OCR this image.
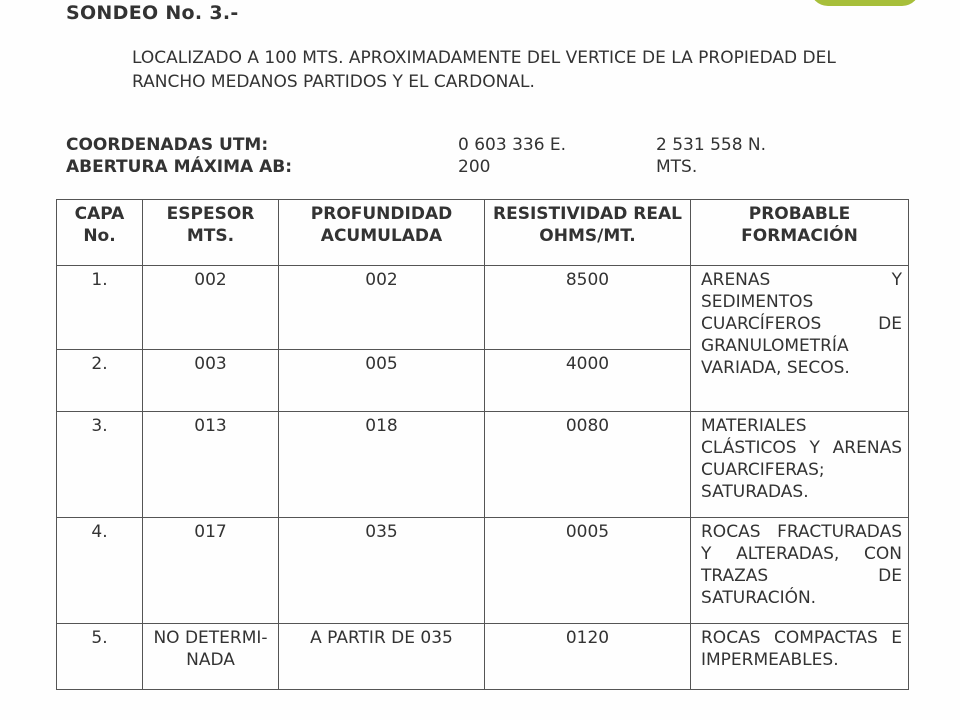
SONDEO No. 3.-
LOCALIZADO A 100 MTS. APROXIMADAMENTE DEL VERTICE DE LA PROPIEDAD DEL RANCHO MEDANOS PARTIDOS Y EL CARDONAL.
COORDENADAS UTM:	0 603 336 E.	2 531 558 N.
ABERTURA MÁXIMA AB:	200	MTS.
CAPA No.	ESPESOR MTS.	PROFUNDIDAD ACUMULADA	RESISTIVIDAD REAL OHMS/MT.	PROBABLE FORMACIÓN
1.	002	002	8500	ARENAS Y SEDIMENTOS CUARCÍFEROS DE GRANULOMETRÍA VARIADA, SECOS.
2.	003	005	4000	
3.	013	018	0080	MATERIALES CLÁSTICOS Y ARENAS CUARCIFERAS; SATURADAS.
4.	017	035	0005	ROCAS FRACTURADAS Y ALTERADAS, CON TRAZAS DE SATURACIÓN.
5.	NO DETERMI-NADA	A PARTIR DE 035	0120	ROCAS COMPACTAS E IMPERMEABLES.
